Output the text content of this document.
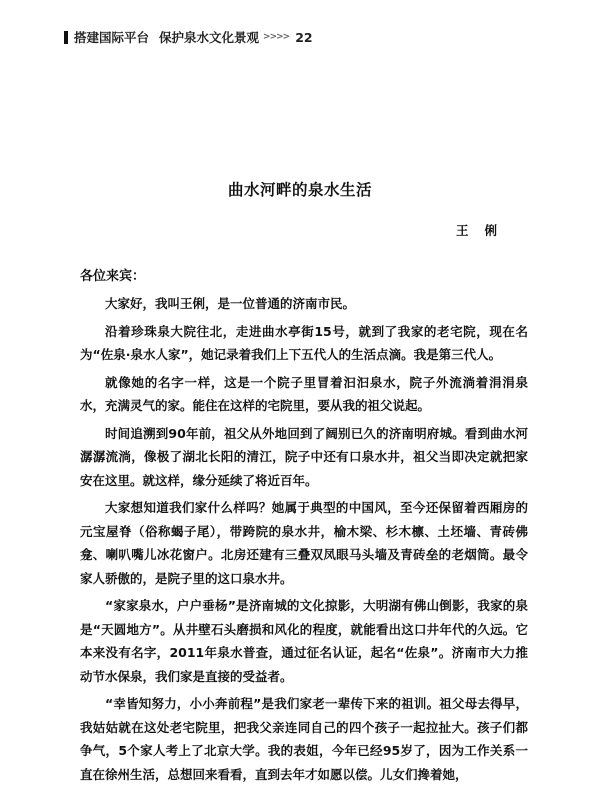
搭建国际平台 保护泉水文化景观 >>>> 22
曲水河畔的泉水生活
王俐
各位来宾：

大家好，我叫王俐，是一位普通的济南市民。

沿着珍珠泉大院往北，走进曲水亭街15号，就到了我家的老宅院，现在名为“佐泉·泉水人家”，她记录着我们上下五代人的生活点滴。我是第三代人。

就像她的名字一样，这是一个院子里冒着汩汩泉水，院子外流淌着涓涓泉水，充满灵气的家。能住在这样的宅院里，要从我的祖父说起。

时间追溯到90年前，祖父从外地回到了阔别已久的济南明府城。看到曲水河潺潺流淌，像极了湖北长阳的清江，院子中还有口泉水井，祖父当即决定就把家安在这里。就这样，缘分延续了将近百年。

大家想知道我们家什么样吗？她属于典型的中国风，至今还保留着西厢房的元宝屋脊（俗称蝎子尾），带跨院的泉水井，榆木梁、杉木檩、土坯墙、青砖佛龛、喇叭嘴儿冰花窗户。北房还建有三叠双凤眼马头墙及青砖垒的老烟筒。最令家人骄傲的，是院子里的这口泉水井。

“家家泉水，户户垂杨”是济南城的文化掠影，大明湖有佛山倒影，我家的泉是“天圆地方”。从井壁石头磨损和风化的程度，就能看出这口井年代的久远。它本来没有名字，2011年泉水普查，通过征名认证，起名“佐泉”。济南市大力推动节水保泉，我们家是直接的受益者。

“幸皆知努力，小小奔前程”是我们家老一辈传下来的祖训。祖父母去得早，我姑姑就在这处老宅院里，把我父亲连同自己的四个孩子一起拉扯大。孩子们都争气，5个家人考上了北京大学。我的表姐，今年已经95岁了，因为工作关系一直在徐州生活，总想回来看看，直到去年才如愿以偿。儿女们搀着她，
